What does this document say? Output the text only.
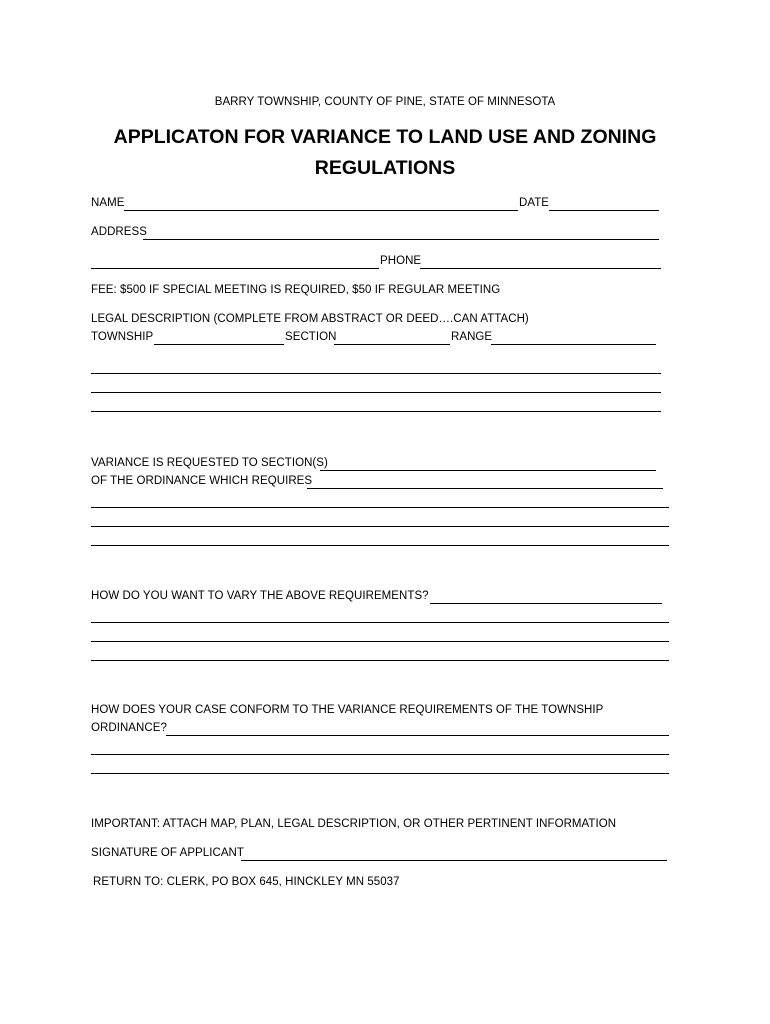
BARRY TOWNSHIP, COUNTY OF PINE, STATE OF MINNESOTA
APPLICATON FOR VARIANCE TO LAND USE AND ZONING
REGULATIONS
NAME	DATE
ADDRESS
PHONE
FEE: $500 IF SPECIAL MEETING IS REQUIRED, $50 IF REGULAR MEETING
LEGAL DESCRIPTION (COMPLETE FROM ABSTRACT OR DEED….CAN ATTACH)
TOWNSHIP	SECTION	RANGE
VARIANCE IS REQUESTED TO SECTION(S)
OF THE ORDINANCE WHICH REQUIRES
HOW DO YOU WANT TO VARY THE ABOVE REQUIREMENTS?
HOW DOES YOUR CASE CONFORM TO THE VARIANCE REQUIREMENTS OF THE TOWNSHIP
ORDINANCE?
IMPORTANT: ATTACH MAP, PLAN, LEGAL DESCRIPTION, OR OTHER PERTINENT INFORMATION
SIGNATURE OF APPLICANT
RETURN TO: CLERK, PO BOX 645, HINCKLEY MN 55037
